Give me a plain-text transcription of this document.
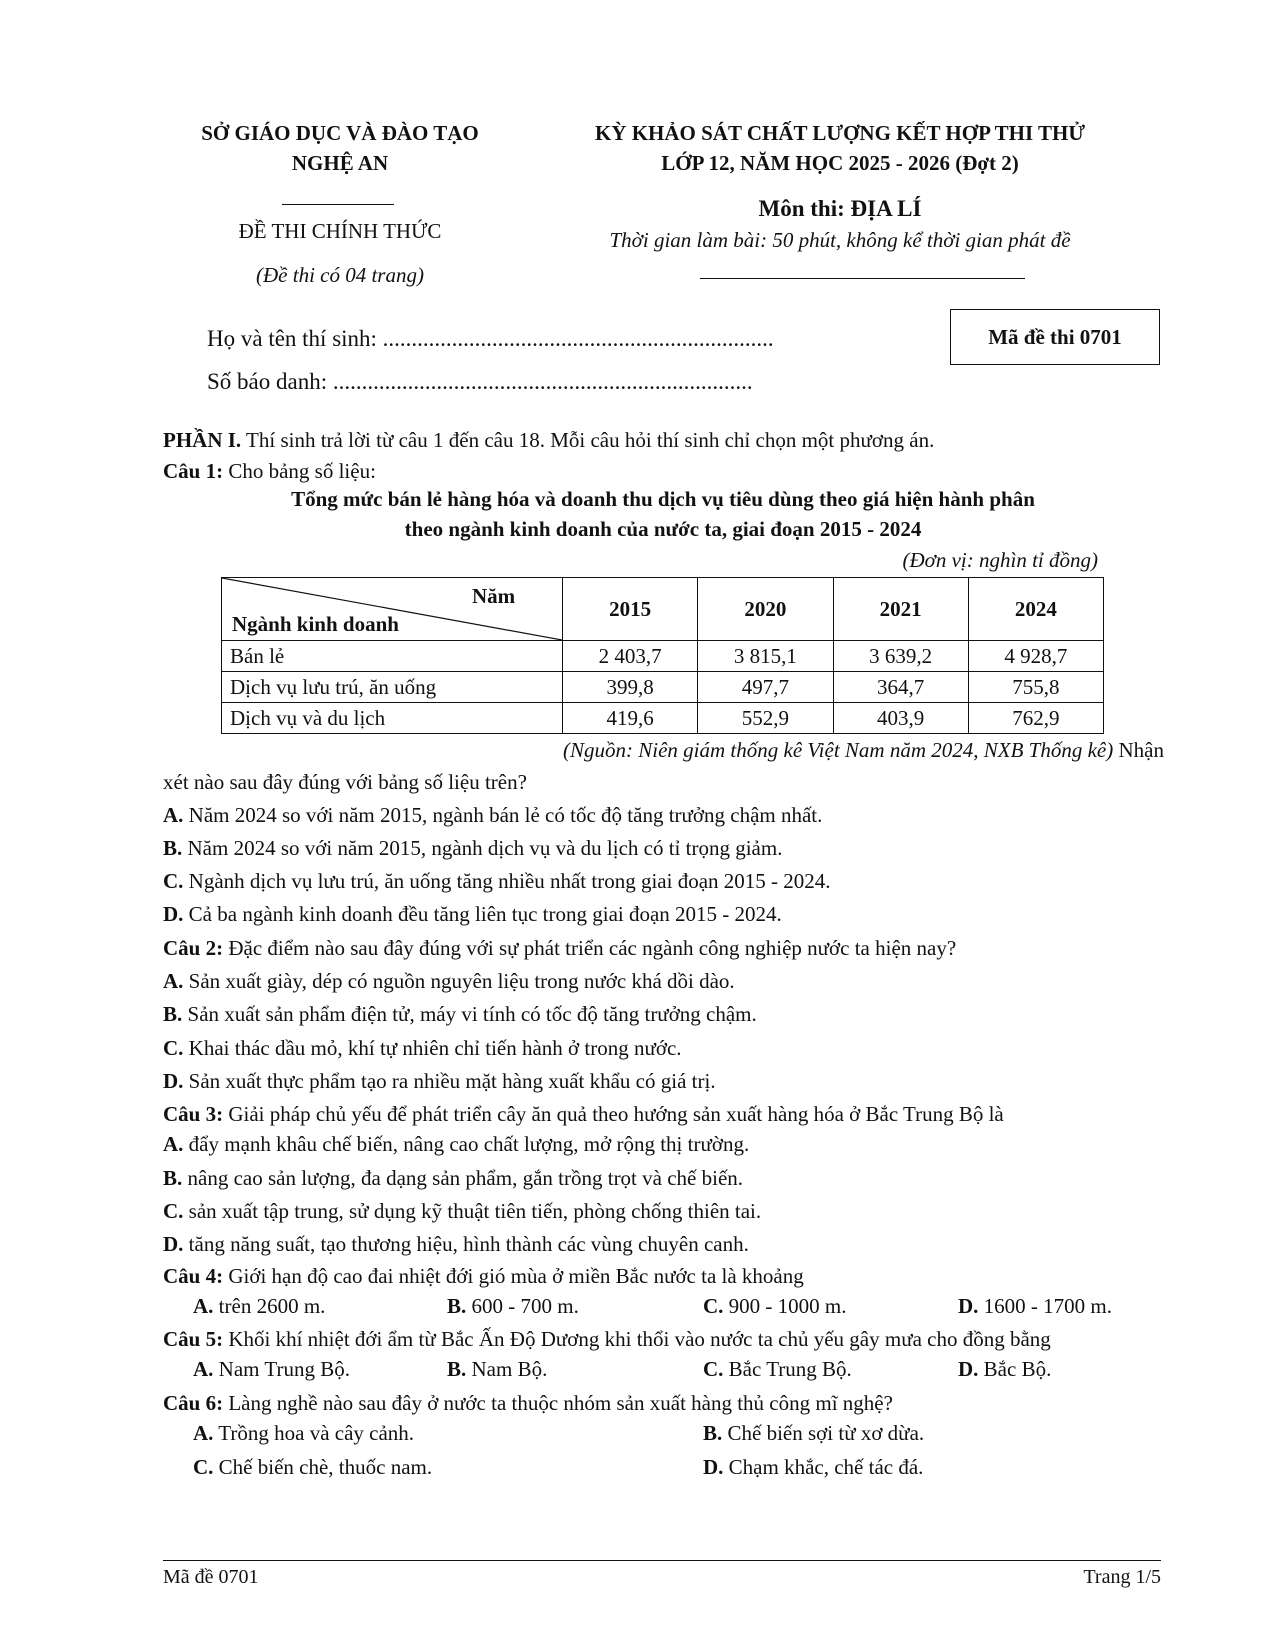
SỞ GIÁO DỤC VÀ ĐÀO TẠO
NGHỆ AN
ĐỀ THI CHÍNH THỨC
(Đề thi có 04 trang)
KỲ KHẢO SÁT CHẤT LƯỢNG KẾT HỢP THI THỬ
LỚP 12, NĂM HỌC 2025 - 2026 (Đợt 2)
Môn thi: ĐỊA LÍ
Thời gian làm bài: 50 phút, không kể thời gian phát đề
Họ và tên thí sinh: ....................................................................
Số báo danh: .........................................................................
Mã đề thi 0701
PHẦN I. Thí sinh trả lời từ câu 1 đến câu 18. Mỗi câu hỏi thí sinh chỉ chọn một phương án.
Câu 1: Cho bảng số liệu:
Tổng mức bán lẻ hàng hóa và doanh thu dịch vụ tiêu dùng theo giá hiện hành phân
theo ngành kinh doanh của nước ta, giai đoạn 2015 - 2024
(Đơn vị: nghìn tỉ đồng)
Năm
Ngành kinh doanh	2015	2020	2021	2024
Bán lẻ	2 403,7	3 815,1	3 639,2	4 928,7
Dịch vụ lưu trú, ăn uống	399,8	497,7	364,7	755,8
Dịch vụ và du lịch	419,6	552,9	403,9	762,9
(Nguồn: Niên giám thống kê Việt Nam năm 2024, NXB Thống kê) Nhận
xét nào sau đây đúng với bảng số liệu trên?
A. Năm 2024 so với năm 2015, ngành bán lẻ có tốc độ tăng trưởng chậm nhất.
B. Năm 2024 so với năm 2015, ngành dịch vụ và du lịch có tỉ trọng giảm.
C. Ngành dịch vụ lưu trú, ăn uống tăng nhiều nhất trong giai đoạn 2015 - 2024.
D. Cả ba ngành kinh doanh đều tăng liên tục trong giai đoạn 2015 - 2024.
Câu 2: Đặc điểm nào sau đây đúng với sự phát triển các ngành công nghiệp nước ta hiện nay?
A. Sản xuất giày, dép có nguồn nguyên liệu trong nước khá dồi dào.
B. Sản xuất sản phẩm điện tử, máy vi tính có tốc độ tăng trưởng chậm.
C. Khai thác dầu mỏ, khí tự nhiên chỉ tiến hành ở trong nước.
D. Sản xuất thực phẩm tạo ra nhiều mặt hàng xuất khẩu có giá trị.
Câu 3: Giải pháp chủ yếu để phát triển cây ăn quả theo hướng sản xuất hàng hóa ở Bắc Trung Bộ là
A. đẩy mạnh khâu chế biến, nâng cao chất lượng, mở rộng thị trường.
B. nâng cao sản lượng, đa dạng sản phẩm, gắn trồng trọt và chế biến.
C. sản xuất tập trung, sử dụng kỹ thuật tiên tiến, phòng chống thiên tai.
D. tăng năng suất, tạo thương hiệu, hình thành các vùng chuyên canh.
Câu 4: Giới hạn độ cao đai nhiệt đới gió mùa ở miền Bắc nước ta là khoảng
A. trên 2600 m.	B. 600 - 700 m.	C. 900 - 1000 m.	D. 1600 - 1700 m.
Câu 5: Khối khí nhiệt đới ẩm từ Bắc Ấn Độ Dương khi thổi vào nước ta chủ yếu gây mưa cho đồng bằng
A. Nam Trung Bộ.	B. Nam Bộ.	C. Bắc Trung Bộ.	D. Bắc Bộ.
Câu 6: Làng nghề nào sau đây ở nước ta thuộc nhóm sản xuất hàng thủ công mĩ nghệ?
A. Trồng hoa và cây cảnh.	B. Chế biến sợi từ xơ dừa.
C. Chế biến chè, thuốc nam.	D. Chạm khắc, chế tác đá.
Mã đề 0701	Trang 1/5
